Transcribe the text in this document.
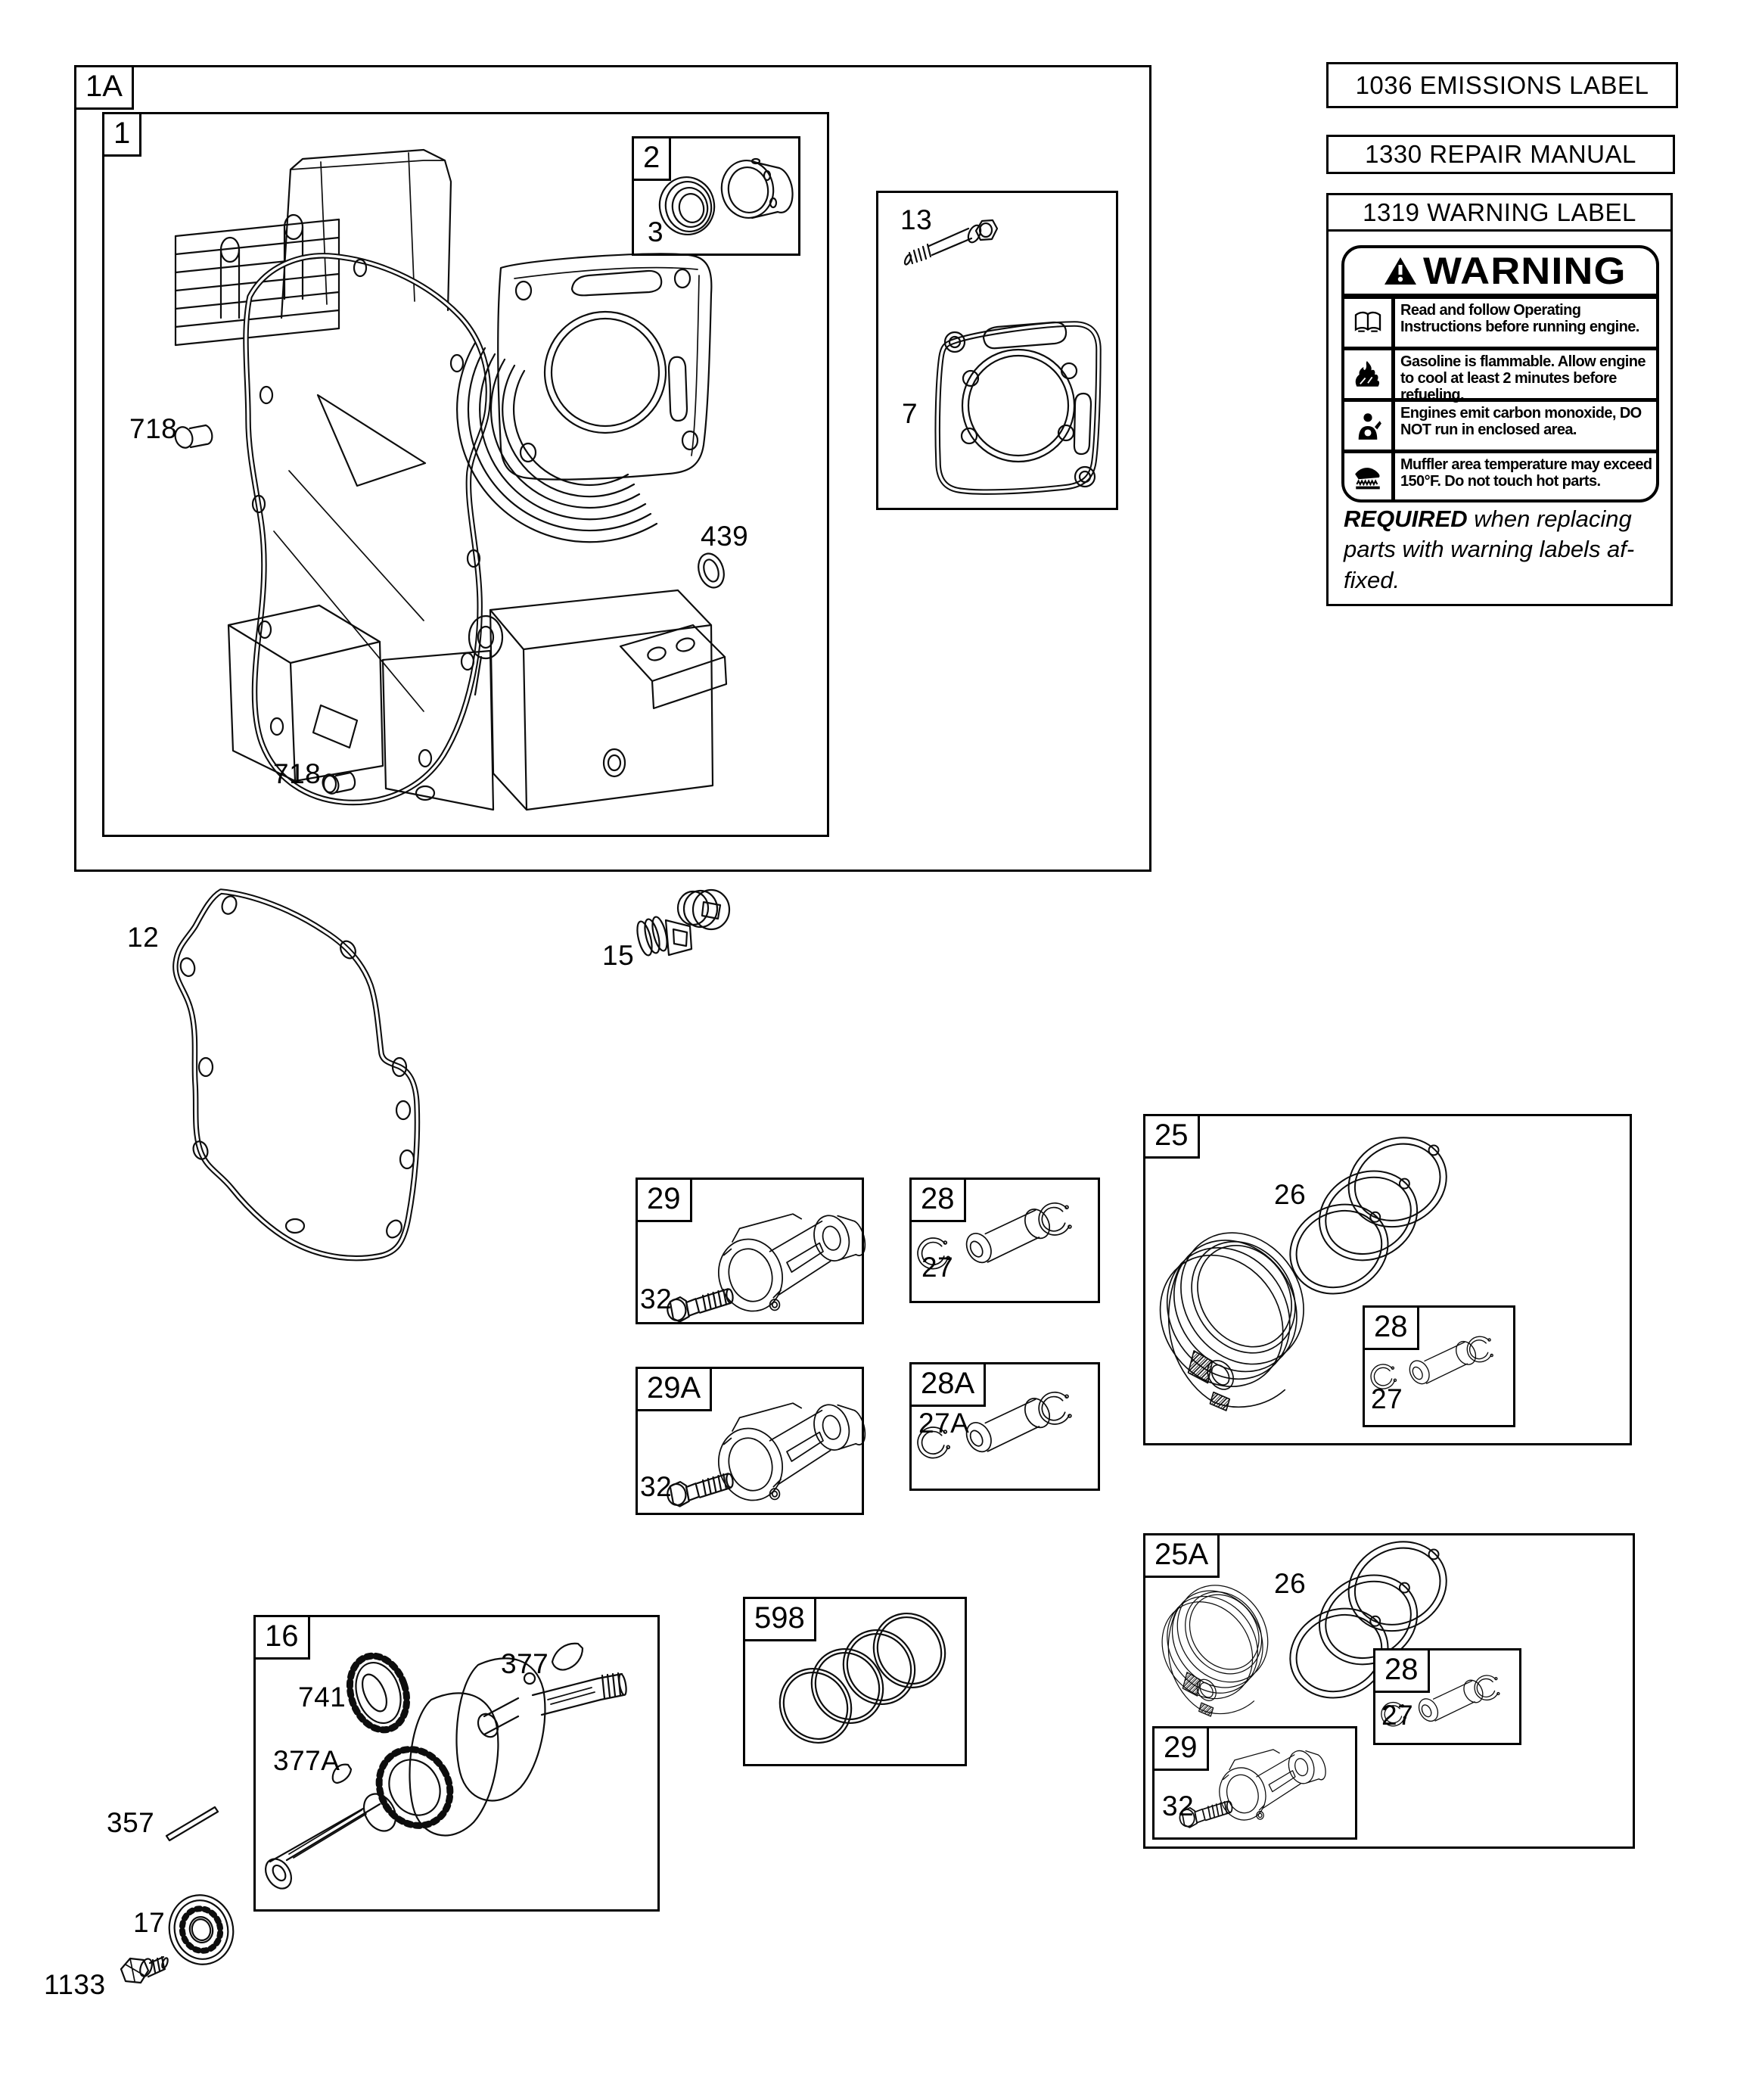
1A
1
2
29	28
29A	28A
25
28
25A
28
29
16
598
3	13
7
718
439
718
12
15
32
27
32
27A
26
27
26
27
32
741
377
377A
357
17
1133
1036 EMISSIONS LABEL
1330 REPAIR MANUAL
1319 WARNING LABEL
WARNING
Read and follow Operating Instructions before running engine.
Gasoline is flammable. Allow engine to cool at least 2 minutes before refueling.
Engines emit carbon monoxide, DO NOT run in enclosed area.
Muffler area temperature may exceed 150°F. Do not touch hot parts.
REQUIRED when replacing
parts with warning labels af-
fixed.
